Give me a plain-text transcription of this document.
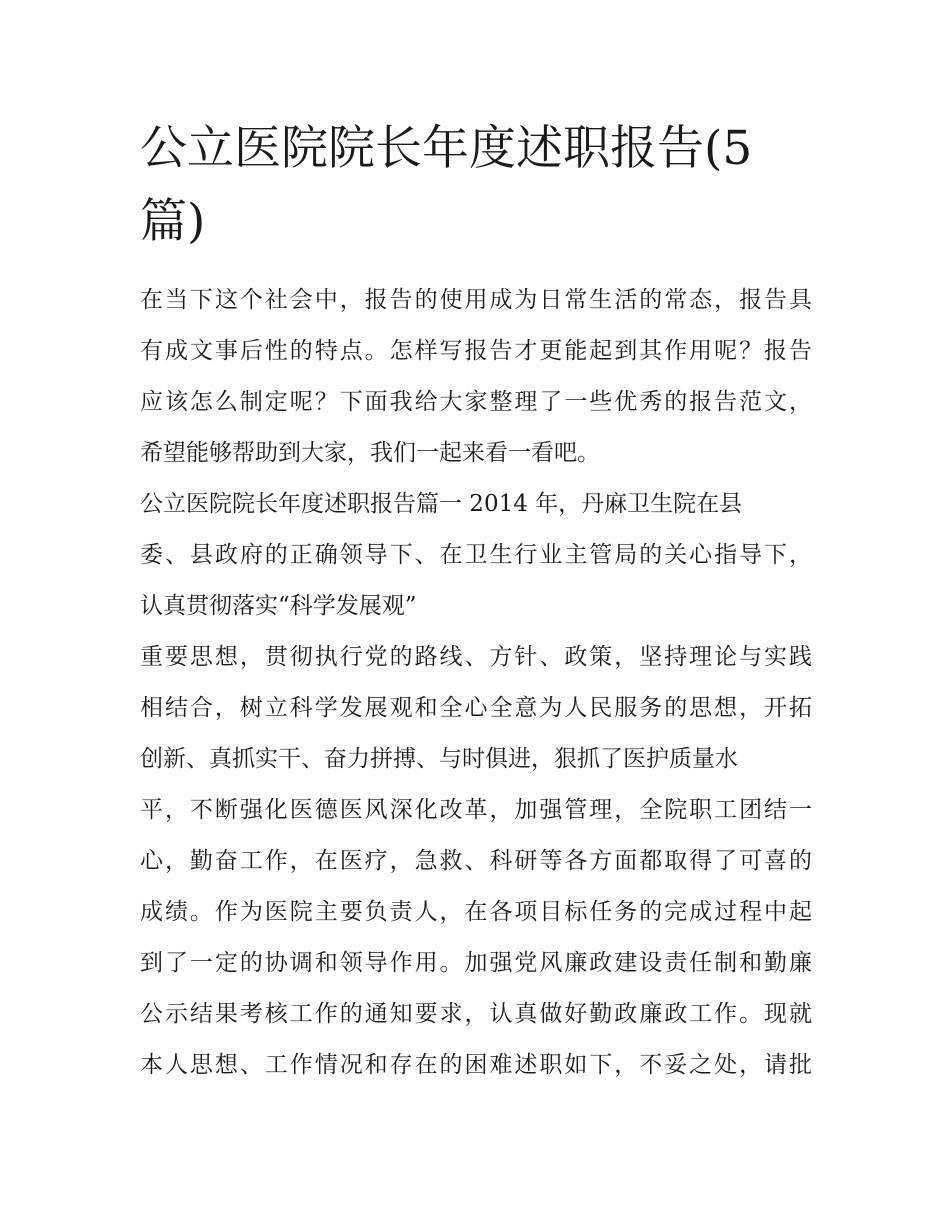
公立医院院长年度述职报告(5
篇)
在当下这个社会中，报告的使用成为日常生活的常态，报告具
有成文事后性的特点。怎样写报告才更能起到其作用呢？报告
应该怎么制定呢？下面我给大家整理了一些优秀的报告范文，
希望能够帮助到大家，我们一起来看一看吧。
公立医院院长年度述职报告篇一 2014 年，丹麻卫生院在县
委、县政府的正确领导下、在卫生行业主管局的关心指导下，
认真贯彻落实“科学发展观”
重要思想，贯彻执行党的路线、方针、政策，坚持理论与实践
相结合，树立科学发展观和全心全意为人民服务的思想，开拓
创新、真抓实干、奋力拼搏、与时俱进，狠抓了医护质量水
平，不断强化医德医风深化改革，加强管理，全院职工团结一
心，勤奋工作，在医疗，急救、科研等各方面都取得了可喜的
成绩。作为医院主要负责人，在各项目标任务的完成过程中起
到了一定的协调和领导作用。加强党风廉政建设责任制和勤廉
公示结果考核工作的通知要求，认真做好勤政廉政工作。现就
本人思想、工作情况和存在的困难述职如下，不妥之处，请批
